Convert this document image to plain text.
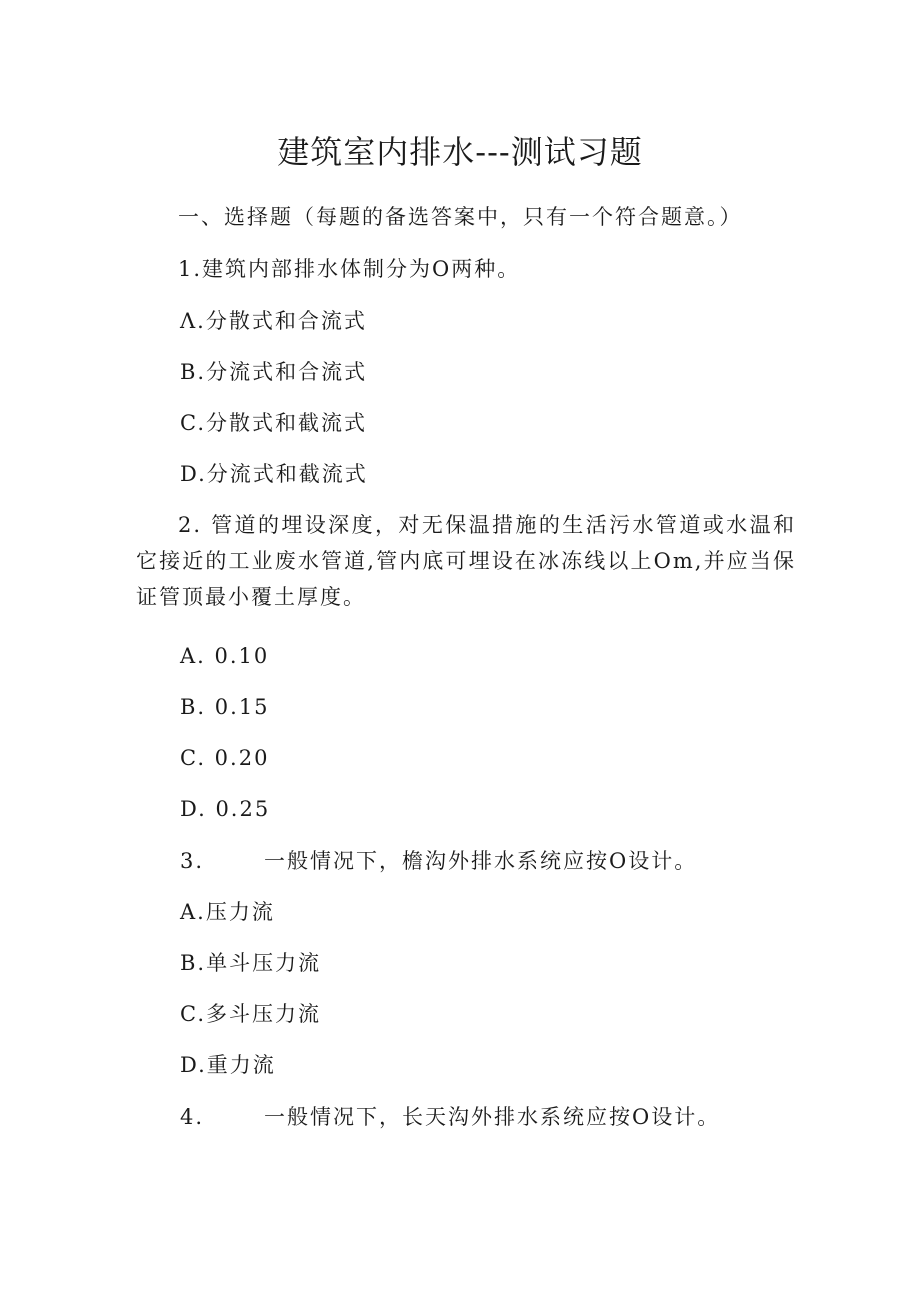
建筑室内排水---测试习题
一、选择题（每题的备选答案中，只有一个符合题意。）
1.建筑内部排水体制分为O两种。
Λ.分散式和合流式
B.分流式和合流式
C.分散式和截流式
D.分流式和截流式
2. 管道的埋设深度，对无保温措施的生活污水管道或水温和它接近的工业废水管道,管内底可埋设在冰冻线以上Om,并应当保证管顶最小覆土厚度。
A. 0.10
B. 0.15
C. 0.20
D. 0.25
3.	一般情况下，檐沟外排水系统应按O设计。
A.压力流
B.单斗压力流
C.多斗压力流
D.重力流
4.	一般情况下，长天沟外排水系统应按O设计。
